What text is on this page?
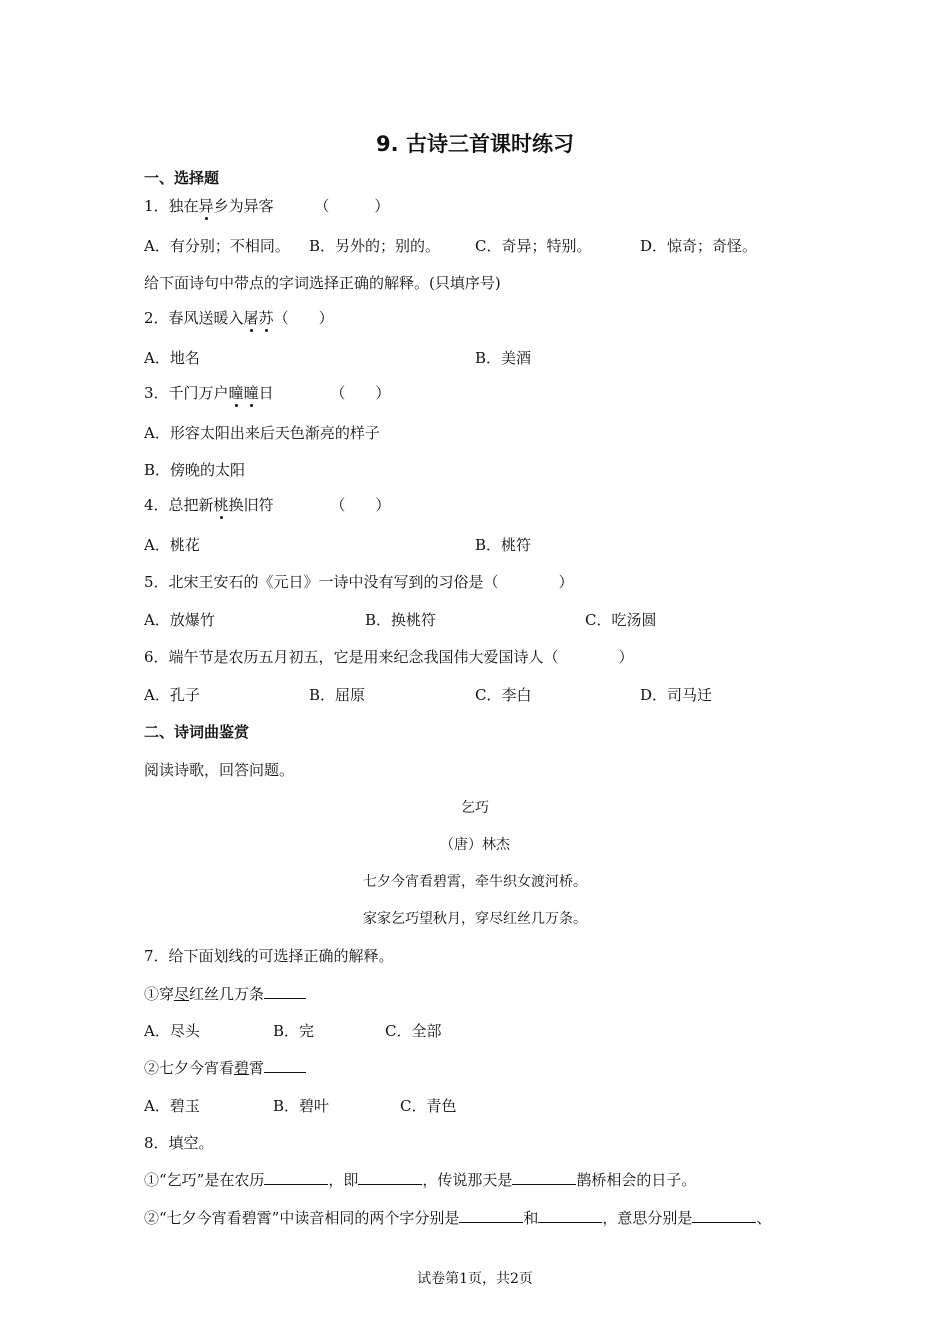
9. 古诗三首课时练习
一、选择题
1．独在异乡为异客	（　　　）
A．有分别；不相同。 B．另外的；别的。 C．奇异；特别。	D．惊奇；奇怪。
给下面诗句中带点的字词选择正确的解释。(只填序号)
2．春风送暖入屠苏（　　）
A．地名	B．美酒
3．千门万户曈曈日	（　　）
A．形容太阳出来后天色渐亮的样子
B．傍晚的太阳
4．总把新桃换旧符	（　　）
A．桃花	B．桃符
5．北宋王安石的《元日》一诗中没有写到的习俗是（　　　　）
A．放爆竹	B．换桃符	C．吃汤圆
6．端午节是农历五月初五，它是用来纪念我国伟大爱国诗人（　　　　）
A．孔子	B．屈原	C．李白	D．司马迁
二、诗词曲鉴赏
阅读诗歌，回答问题。
乞巧
（唐）林杰
七夕今宵看碧霄，牵牛织女渡河桥。
家家乞巧望秋月，穿尽红丝几万条。
7．给下面划线的可选择正确的解释。
①穿尽红丝几万条
A．尽头	B．完	C．全部
②七夕今宵看碧霄
A．碧玉	B．碧叶	C．青色
8．填空。
①“乞巧”是在农历	，即	，传说那天是	鹊桥相会的日子。
②“七夕今宵看碧霄”中读音相同的两个字分别是	和	，意思分别是	、
试卷第1页，共2页
